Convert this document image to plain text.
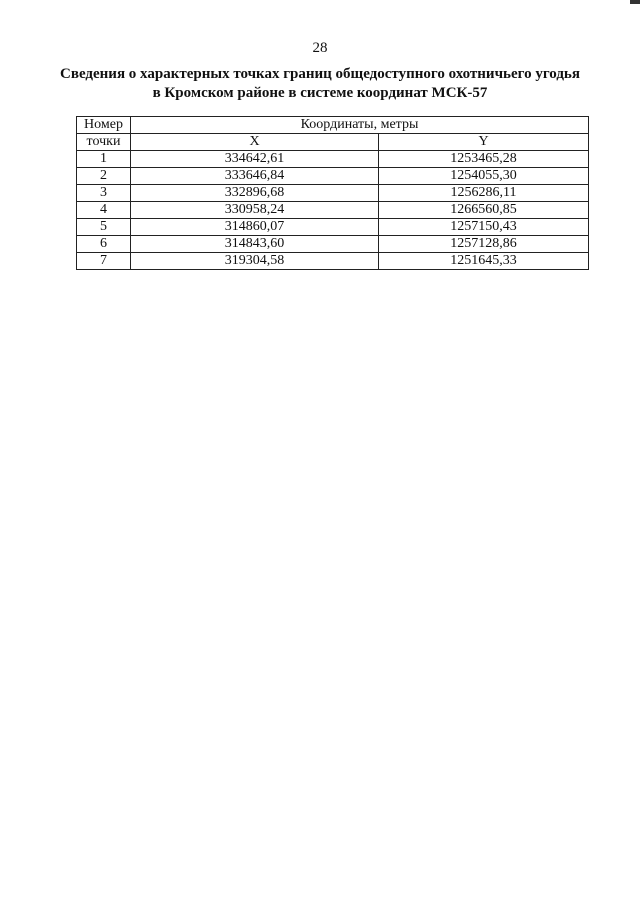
28
Сведения о характерных точках границ общедоступного охотничьего угодья
в Кромском районе в системе координат МСК-57
Номер	Координаты, метры	
точки	X	Y
1	334642,61	1253465,28
2	333646,84	1254055,30
3	332896,68	1256286,11
4	330958,24	1266560,85
5	314860,07	1257150,43
6	314843,60	1257128,86
7	319304,58	1251645,33
